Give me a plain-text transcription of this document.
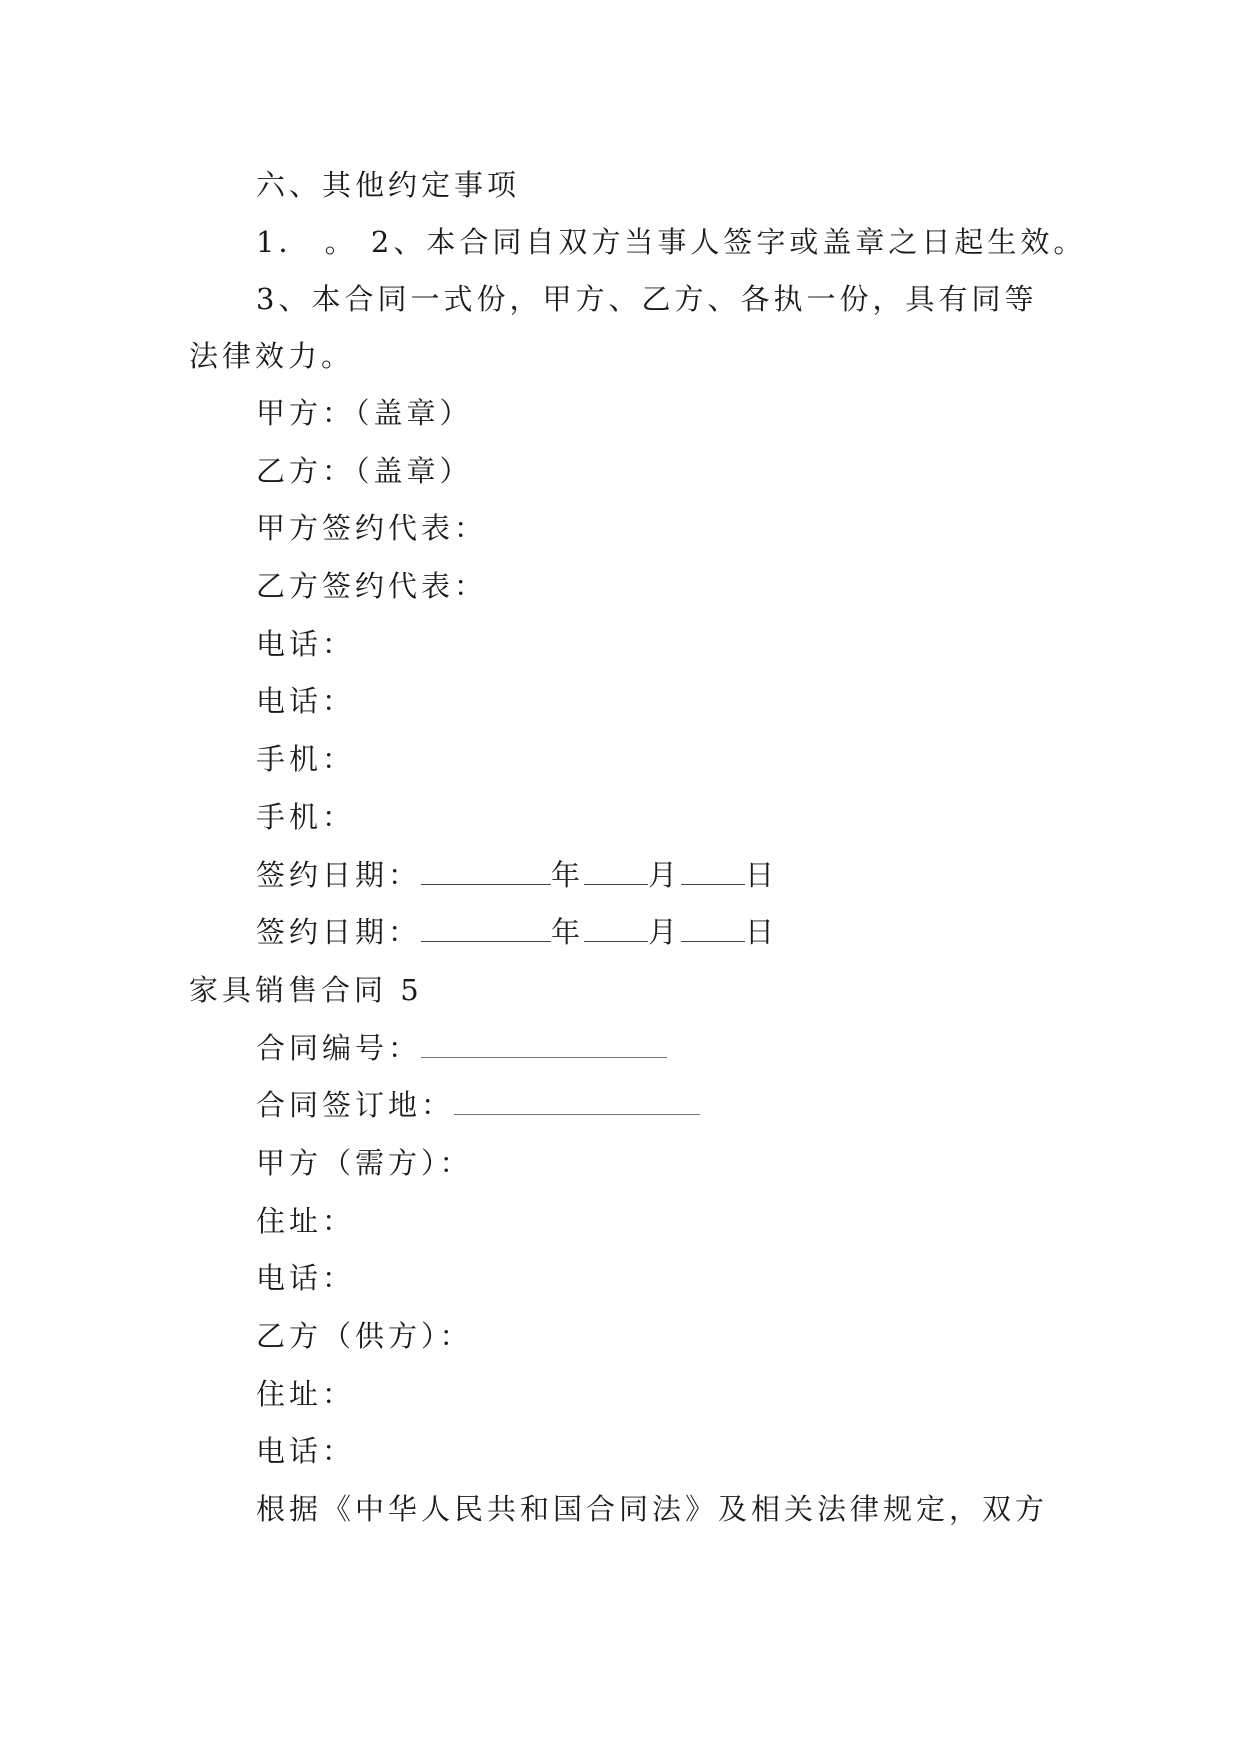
六、其他约定事项
1． 。 2、本合同自双方当事人签字或盖章之日起生效。
3、本合同一式份，甲方、乙方、各执一份，具有同等
法律效力。
甲方：（盖章）
乙方：（盖章）
甲方签约代表：
乙方签约代表：
电话：
电话：
手机：
手机：
签约日期：	年 月 日
签约日期：	年 月 日
家具销售合同 5
合同编号：
合同签订地：
甲方（需方）：
住址：
电话：
乙方（供方）：
住址：
电话：
根据《中华人民共和国合同法》及相关法律规定，双方
